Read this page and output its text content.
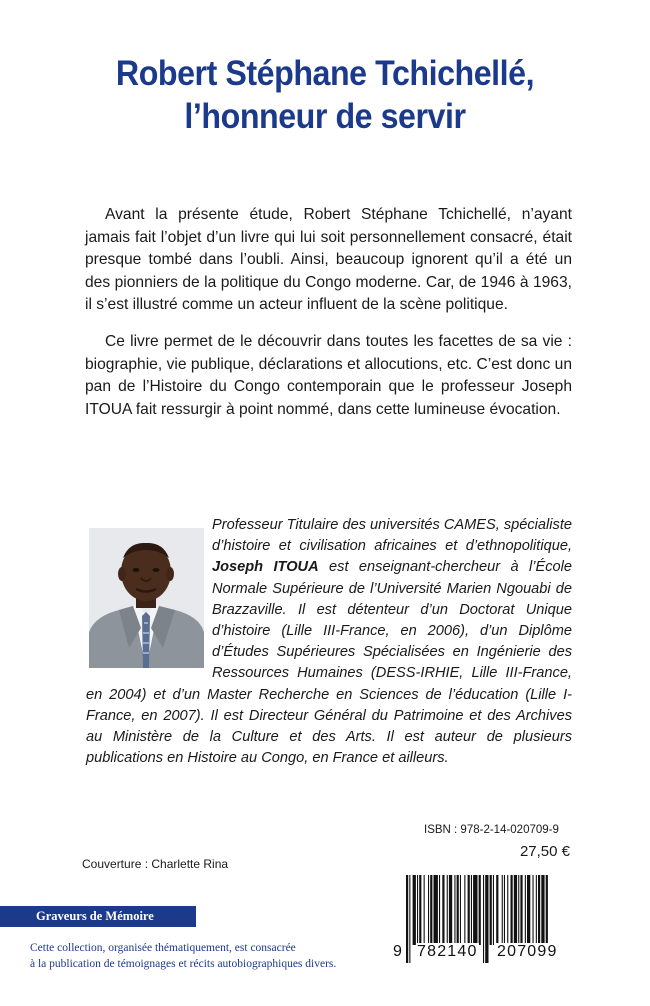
Robert Stéphane Tchichellé,
l’honneur de servir
Avant la présente étude, Robert Stéphane Tchichellé, n’ayant jamais fait l’objet d’un livre qui lui soit personnellement consacré, était presque tombé dans l’oubli. Ainsi, beaucoup ignorent qu’il a été un des pionniers de la politique du Congo moderne. Car, de 1946 à 1963, il s’est illustré comme un acteur influent de la scène politique.
Ce livre permet de le découvrir dans toutes les facettes de sa vie : biographie, vie publique, déclarations et allocutions, etc. C’est donc un pan de l’Histoire du Congo contemporain que le professeur Joseph ITOUA fait ressurgir à point nommé, dans cette lumineuse évocation.
Professeur Titulaire des universités CAMES, spécialiste d’histoire et civilisation africaines et d’ethnopolitique, Joseph ITOUA est enseignant-chercheur à l’École Normale Supérieure de l’Université Marien Ngouabi de Brazzaville. Il est détenteur d’un Doctorat Unique d’histoire (Lille III-France, en 2006), d’un Diplôme d’Études Supérieures Spécialisées en Ingénierie des Ressources Humaines (DESS-IRHIE, Lille III-France, en 2004) et d’un Master Recherche en Sciences de l’éducation (Lille I-France, en 2007). Il est Directeur Général du Patrimoine et des Archives au Ministère de la Culture et des Arts. Il est auteur de plusieurs publications en Histoire au Congo, en France et ailleurs.
ISBN : 978-2-14-020709-9
27,50 €
Couverture : Charlette Rina
9 782140 207099
Graveurs de Mémoire
Cette collection, organisée thématiquement, est consacrée
à la publication de témoignages et récits autobiographiques divers.
